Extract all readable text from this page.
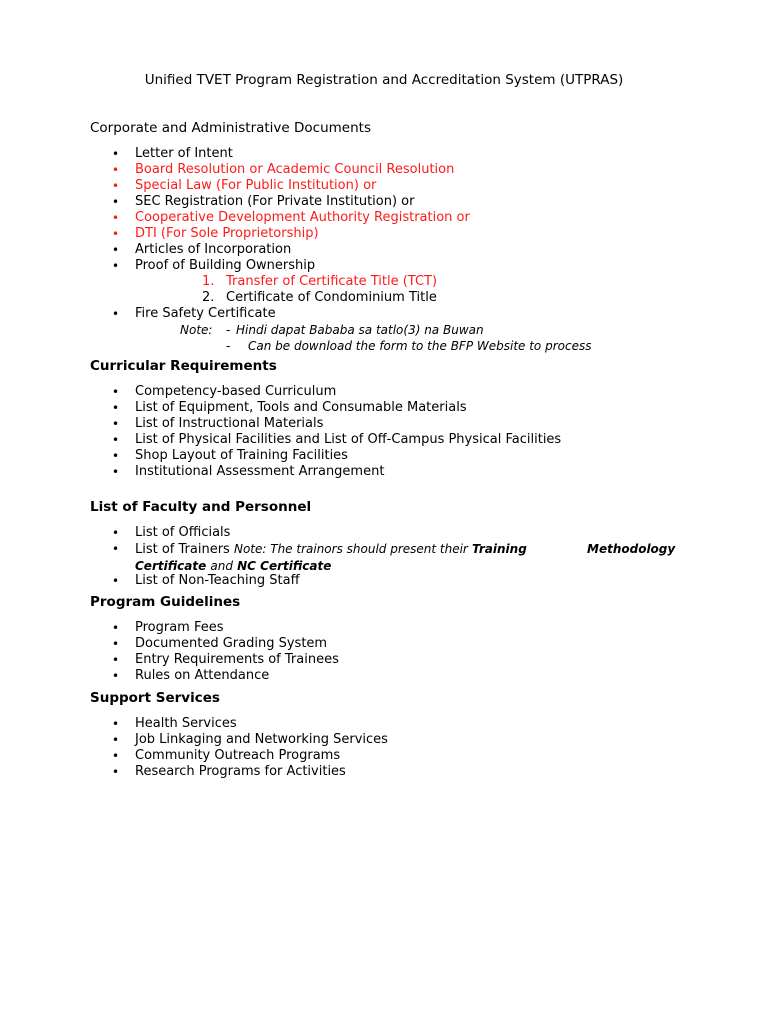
Unified TVET Program Registration and Accreditation System (UTPRAS)
Corporate and Administrative Documents
• Letter of Intent
• Board Resolution or Academic Council Resolution
• Special Law (For Public Institution) or
• SEC Registration (For Private Institution) or
• Cooperative Development Authority Registration or
• DTI (For Sole Proprietorship)
• Articles of Incorporation
• Proof of Building Ownership
1. Transfer of Certificate Title (TCT)
2. Certificate of Condominium Title
• Fire Safety Certificate
Note: - Hindi dapat Bababa sa tatlo(3) na Buwan
- Can be download the form to the BFP Website to process
Curricular Requirements
• Competency-based Curriculum
• List of Equipment, Tools and Consumable Materials
• List of Instructional Materials
• List of Physical Facilities and List of Off-Campus Physical Facilities
• Shop Layout of Training Facilities
• Institutional Assessment Arrangement
List of Faculty and Personnel
• List of Officials
• List of Trainers Note: The trainors should present their Training	Methodology
Certificate and NC Certificate
• List of Non-Teaching Staff
Program Guidelines
• Program Fees
• Documented Grading System
• Entry Requirements of Trainees
• Rules on Attendance
Support Services
• Health Services
• Job Linkaging and Networking Services
• Community Outreach Programs
• Research Programs for Activities
